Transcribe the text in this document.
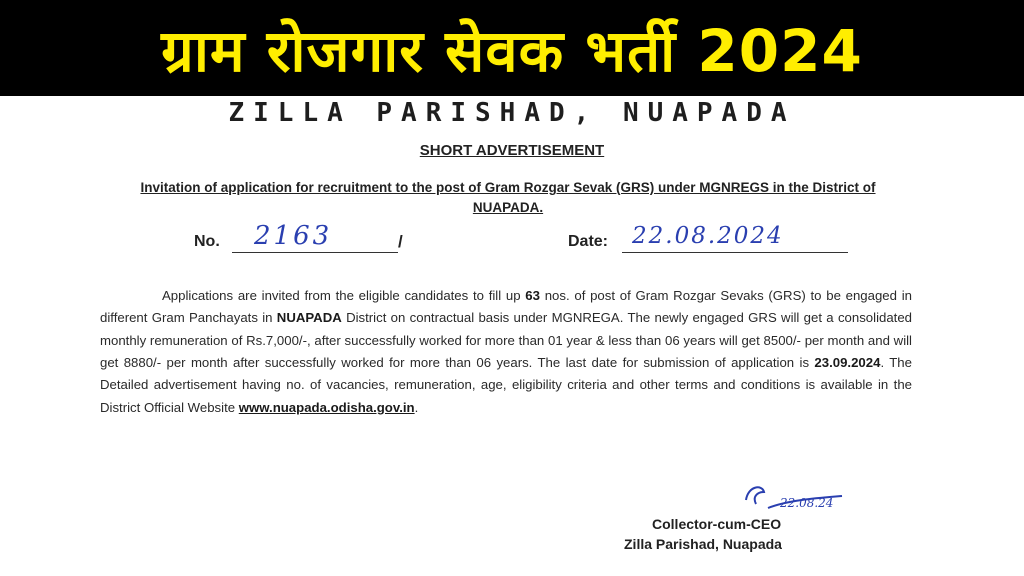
ग्राम रोजगार सेवक भर्ती 2024
ZILLA PARISHAD, NUAPADA
SHORT ADVERTISEMENT
Invitation of application for recruitment to the post of Gram Rozgar Sevak (GRS) under MGNREGS in the District of NUAPADA.
No. 2163	/	Date: 22.08.2024

Applications are invited from the eligible candidates to fill up 63 nos. of post of Gram Rozgar Sevaks (GRS) to be engaged in different Gram Panchayats in NUAPADA District on contractual basis under MGNREGA. The newly engaged GRS will get a consolidated monthly remuneration of Rs.7,000/-, after successfully worked for more than 01 year & less than 06 years will get 8500/- per month and will get 8880/- per month after successfully worked for more than 06 years. The last date for submission of application is 23.09.2024. The Detailed advertisement having no. of vacancies, remuneration, age, eligibility criteria and other terms and conditions is available in the District Official Website www.nuapada.odisha.gov.in.

22.08.24
Collector-cum-CEO
Zilla Parishad, Nuapada
